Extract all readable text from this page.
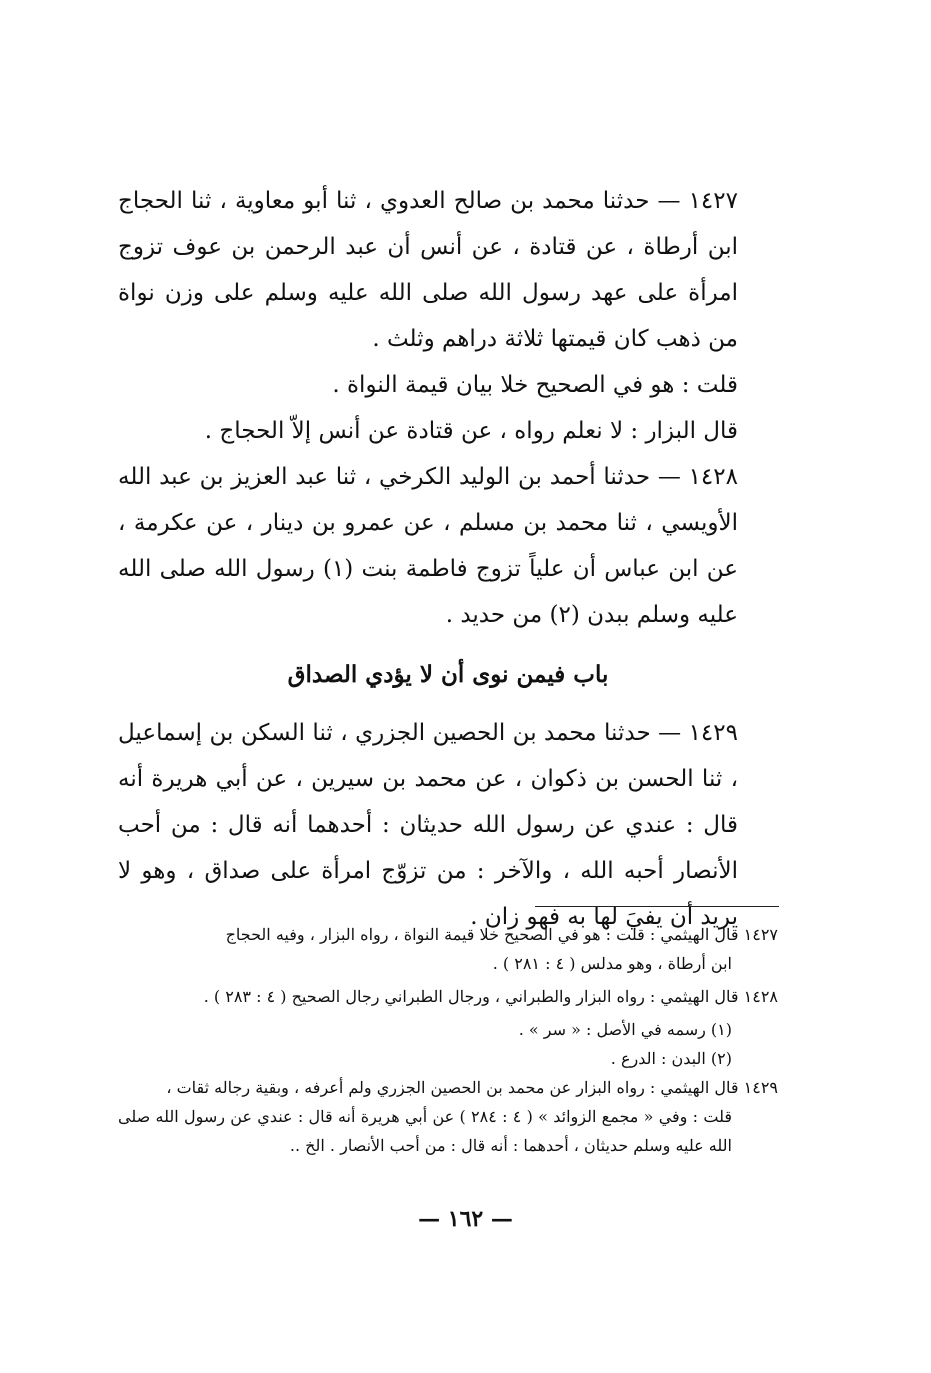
١٤٢٧ — حدثنا محمد بن صالح العدوي ، ثنا أبو معاوية ، ثنا الحجاج ابن أرطاة ، عن قتادة ، عن أنس أن عبد الرحمن بن عوف تزوج امرأة على عهد رسول الله صلى الله عليه وسلم على وزن نواة من ذهب كان قيمتها ثلاثة دراهم وثلث .

قلت : هو في الصحيح خلا بيان قيمة النواة .

قال البزار : لا نعلم رواه ، عن قتادة عن أنس إلاّ الحجاج .

١٤٢٨ — حدثنا أحمد بن الوليد الكرخي ، ثنا عبد العزيز بن عبد الله الأويسي ، ثنا محمد بن مسلم ، عن عمرو بن دينار ، عن عكرمة ، عن ابن عباس أن علياً تزوج فاطمة بنت (١) رسول الله صلى الله عليه وسلم ببدن (٢) من حديد .

باب فيمن نوى أن لا يؤدي الصداق

١٤٢٩ — حدثنا محمد بن الحصين الجزري ، ثنا السكن بن إسماعيل ، ثنا الحسن بن ذكوان ، عن محمد بن سيرين ، عن أبي هريرة أنه قال : عندي عن رسول الله حديثان : أحدهما أنه قال : من أحب الأنصار أحبه الله ، والآخر : من تزوّج امرأة على صداق ، وهو لا يريد أن يفيَ لها به فهو زان .

١٤٢٧ قال الهيثمي : قلت : هو في الصحيح خلا قيمة النواة ، رواه البزار ، وفيه الحجاج
ابن أرطاة ، وهو مدلس ( ٤ : ٢٨١ ) .

١٤٢٨ قال الهيثمي : رواه البزار والطبراني ، ورجال الطبراني رجال الصحيح ( ٤ : ٢٨٣ ) .

(١) رسمه في الأصل : « سر » .

(٢) البدن : الدرع .

١٤٢٩ قال الهيثمي : رواه البزار عن محمد بن الحصين الجزري ولم أعرفه ، وبقية رجاله ثقات ،

قلت : وفي « مجمع الزوائد » ( ٤ : ٢٨٤ ) عن أبي هريرة أنه قال : عندي عن رسول الله صلى الله عليه وسلم حديثان ، أحدهما : أنه قال : من أحب الأنصار . الخ ..

— ١٦٢ —
